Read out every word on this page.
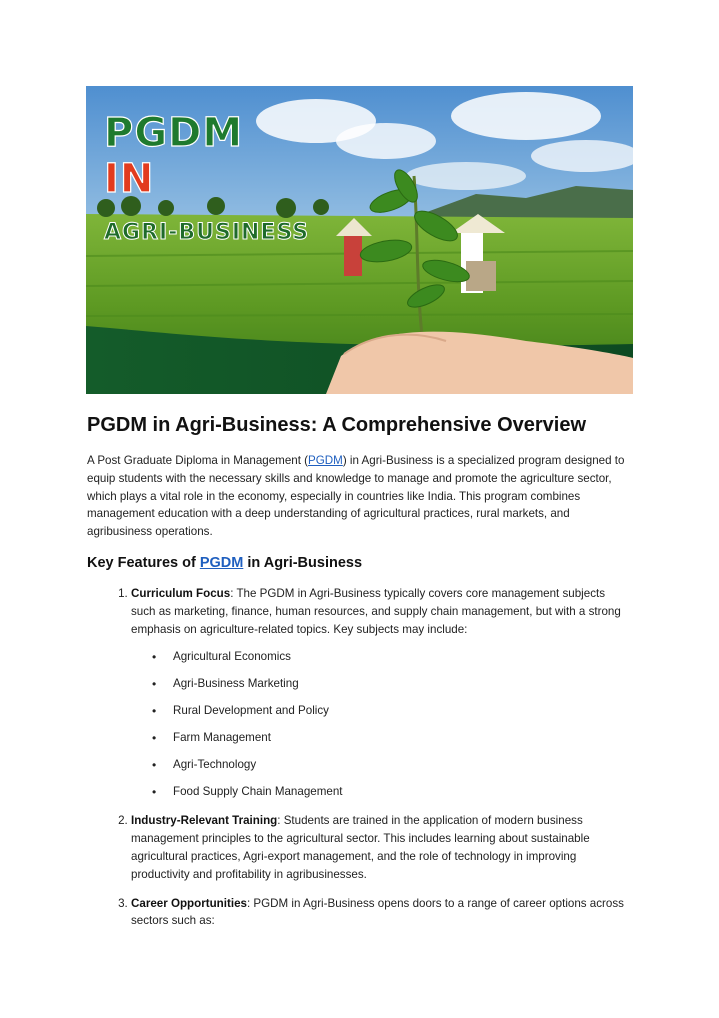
PGDM
IN
AGRI-BUSINESS
PGDM in Agri-Business: A Comprehensive Overview

A Post Graduate Diploma in Management (PGDM) in Agri-Business is a specialized program designed to equip students with the necessary skills and knowledge to manage and promote the agriculture sector, which plays a vital role in the economy, especially in countries like India. This program combines management education with a deep understanding of agricultural practices, rural markets, and agribusiness operations.

Key Features of PGDM in Agri-Business
1. Curriculum Focus: The PGDM in Agri-Business typically covers core management subjects such as marketing, finance, human resources, and supply chain management, but with a strong emphasis on agriculture-related topics. Key subjects may include:
• Agricultural Economics
• Agri-Business Marketing
• Rural Development and Policy
• Farm Management
• Agri-Technology
• Food Supply Chain Management
2. Industry-Relevant Training: Students are trained in the application of modern business management principles to the agricultural sector. This includes learning about sustainable agricultural practices, Agri-export management, and the role of technology in improving productivity and profitability in agribusinesses.
3. Career Opportunities: PGDM in Agri-Business opens doors to a range of career options across sectors such as:
